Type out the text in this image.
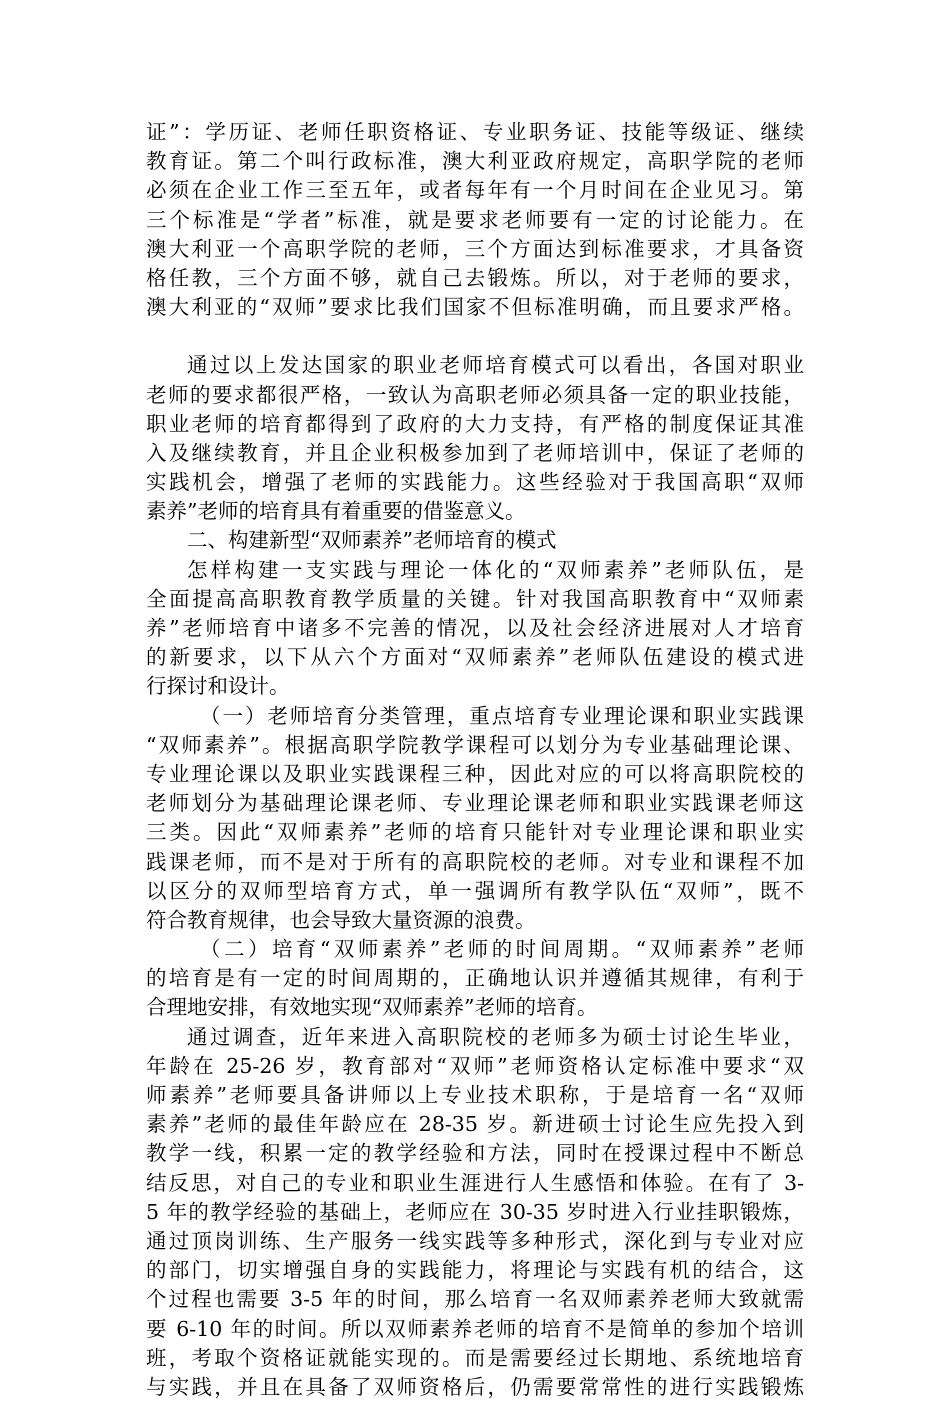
证”：学历证、老师任职资格证、专业职务证、技能等级证、继续
教育证。第二个叫行政标准，澳大利亚政府规定，高职学院的老师
必须在企业工作三至五年，或者每年有一个月时间在企业见习。第
三个标准是“学者”标准，就是要求老师要有一定的讨论能力。在
澳大利亚一个高职学院的老师，三个方面达到标准要求，才具备资
格任教，三个方面不够，就自己去锻炼。所以，对于老师的要求，
澳大利亚的“双师”要求比我们国家不但标准明确，而且要求严格。
通过以上发达国家的职业老师培育模式可以看出，各国对职业
老师的要求都很严格，一致认为高职老师必须具备一定的职业技能，
职业老师的培育都得到了政府的大力支持，有严格的制度保证其准
入及继续教育，并且企业积极参加到了老师培训中，保证了老师的
实践机会，增强了老师的实践能力。这些经验对于我国高职“双师
素养”老师的培育具有着重要的借鉴意义。
二、构建新型“双师素养”老师培育的模式
怎样构建一支实践与理论一体化的“双师素养”老师队伍，是
全面提高高职教育教学质量的关键。针对我国高职教育中“双师素
养”老师培育中诸多不完善的情况，以及社会经济进展对人才培育
的新要求，以下从六个方面对“双师素养”老师队伍建设的模式进
行探讨和设计。
（一）老师培育分类管理，重点培育专业理论课和职业实践课
“双师素养”。根据高职学院教学课程可以划分为专业基础理论课、
专业理论课以及职业实践课程三种，因此对应的可以将高职院校的
老师划分为基础理论课老师、专业理论课老师和职业实践课老师这
三类。因此“双师素养”老师的培育只能针对专业理论课和职业实
践课老师，而不是对于所有的高职院校的老师。对专业和课程不加
以区分的双师型培育方式，单一强调所有教学队伍“双师”，既不
符合教育规律，也会导致大量资源的浪费。
（二）培育“双师素养”老师的时间周期。“双师素养”老师
的培育是有一定的时间周期的，正确地认识并遵循其规律，有利于
合理地安排，有效地实现“双师素养”老师的培育。
通过调查，近年来进入高职院校的老师多为硕士讨论生毕业，
年龄在 25-26 岁，教育部对“双师”老师资格认定标准中要求“双
师素养”老师要具备讲师以上专业技术职称，于是培育一名“双师
素养”老师的最佳年龄应在 28-35 岁。新进硕士讨论生应先投入到
教学一线，积累一定的教学经验和方法，同时在授课过程中不断总
结反思，对自己的专业和职业生涯进行人生感悟和体验。在有了 3-
5 年的教学经验的基础上，老师应在 30-35 岁时进入行业挂职锻炼，
通过顶岗训练、生产服务一线实践等多种形式，深化到与专业对应
的部门，切实增强自身的实践能力，将理论与实践有机的结合，这
个过程也需要 3-5 年的时间，那么培育一名双师素养老师大致就需
要 6-10 年的时间。所以双师素养老师的培育不是简单的参加个培训
班，考取个资格证就能实现的。而是需要经过长期地、系统地培育
与实践，并且在具备了双师资格后，仍需要常常性的进行实践锻炼
